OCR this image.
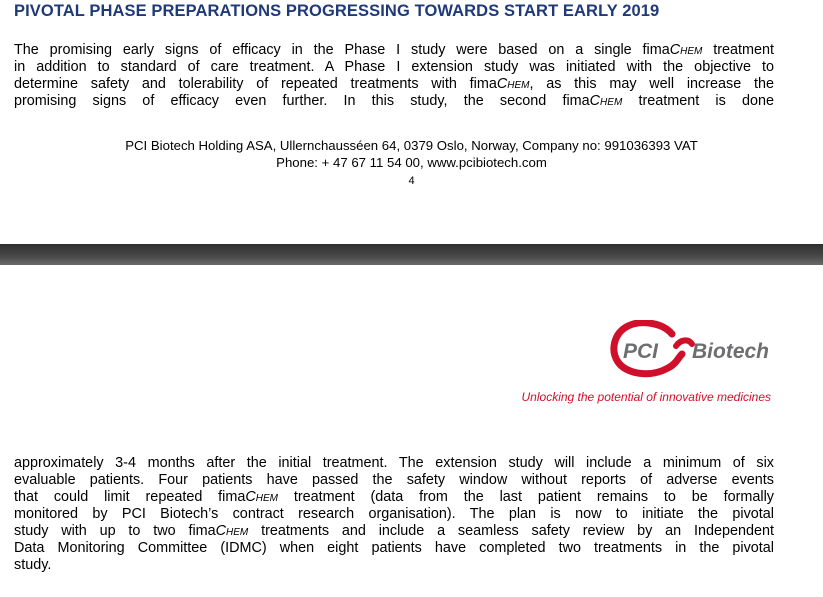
PIVOTAL PHASE PREPARATIONS PROGRESSING TOWARDS START EARLY 2019
The promising early signs of efficacy in the Phase I study were based on a single fimaChem treatment
in addition to standard of care treatment. A Phase I extension study was initiated with the objective to
determine safety and tolerability of repeated treatments with fimaChem, as this may well increase the
promising signs of efficacy even further. In this study, the second fimaChem treatment is done

PCI Biotech Holding ASA, Ullernchausséen 64, 0379 Oslo, Norway, Company no: 991036393 VAT

Phone: + 47 67 11 54 00, www.pcibiotech.com

4

PCI Biotech

Unlocking the potential of innovative medicines

approximately 3-4 months after the initial treatment. The extension study will include a minimum of six
evaluable patients. Four patients have passed the safety window without reports of adverse events
that could limit repeated fimaChem treatment (data from the last patient remains to be formally
monitored by PCI Biotech’s contract research organisation). The plan is now to initiate the pivotal
study with up to two fimaChem treatments and include a seamless safety review by an Independent
Data Monitoring Committee (IDMC) when eight patients have completed two treatments in the pivotal
study.
